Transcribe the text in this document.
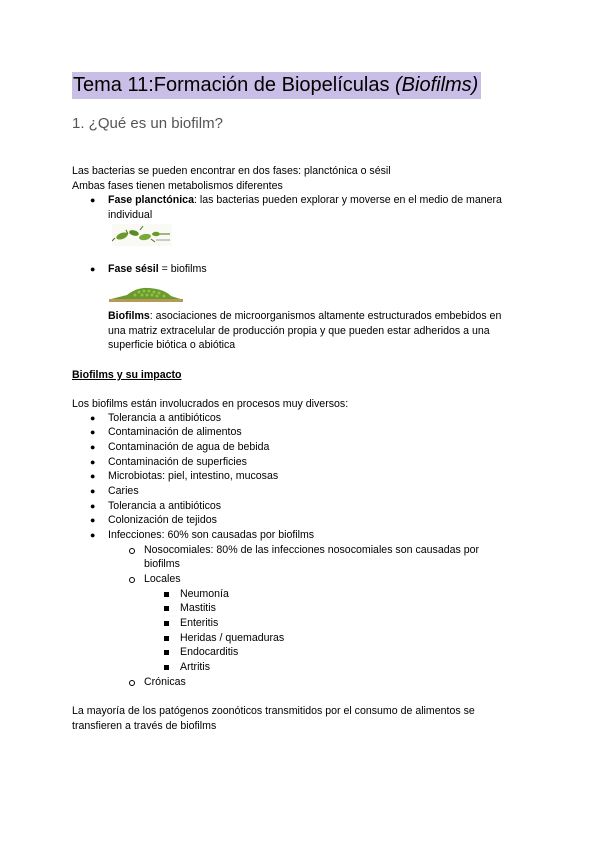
Tema 11:Formación de Biopelículas (Biofilms)
1. ¿Qué es un biofilm?
Las bacterias se pueden encontrar en dos fases: planctónica o sésil
Ambas fases tienen metabolismos diferentes
● Fase planctónica: las bacterias pueden explorar y moverse en el medio de manera
individual
● Fase sésil = biofilms
Biofilms: asociaciones de microorganismos altamente estructurados embebidos en
una matriz extracelular de producción propia y que pueden estar adheridos a una
superficie biótica o abiótica
Biofilms y su impacto
Los biofilms están involucrados en procesos muy diversos:
● Tolerancia a antibióticos
● Contaminación de alimentos
● Contaminación de agua de bebida
● Contaminación de superficies
● Microbiotas: piel, intestino, mucosas
● Caries
● Tolerancia a antibióticos
● Colonización de tejidos
● Infecciones: 60% son causadas por biofilms
Nosocomiales: 80% de las infecciones nosocomiales son causadas por
biofilms
Locales
Neumonía
Mastitis
Enteritis
Heridas / quemaduras
Endocarditis
Artritis
Crónicas
La mayoría de los patógenos zoonóticos transmitidos por el consumo de alimentos se
transfieren a través de biofilms
